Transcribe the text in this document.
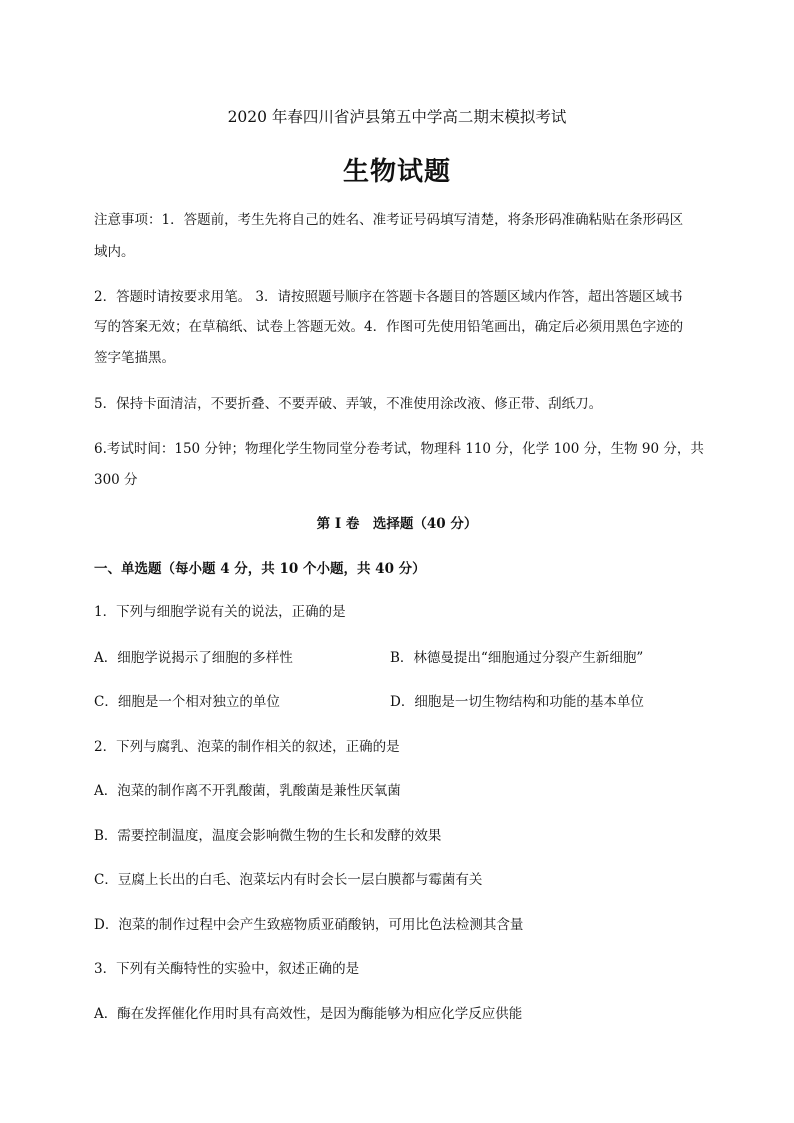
2020 年春四川省泸县第五中学高二期末模拟考试

生物试题

注意事项：1．答题前，考生先将自己的姓名、准考证号码填写清楚，将条形码准确粘贴在条形码区

域内。

2．答题时请按要求用笔。 3．请按照题号顺序在答题卡各题目的答题区域内作答，超出答题区域书

写的答案无效；在草稿纸、试卷上答题无效。4．作图可先使用铅笔画出，确定后必须用黑色字迹的

签字笔描黑。

5．保持卡面清洁，不要折叠、不要弄破、弄皱，不准使用涂改液、修正带、刮纸刀。

6.考试时间：150 分钟；物理化学生物同堂分卷考试，物理科 110 分，化学 100 分，生物 90 分，共

300 分

第 I 卷　选择题（40 分）

一、单选题（每小题 4 分，共 10 个小题，共 40 分）

1．下列与细胞学说有关的说法，正确的是

A．细胞学说揭示了细胞的多样性	B．林德曼提出“细胞通过分裂产生新细胞”

C．细胞是一个相对独立的单位	D．细胞是一切生物结构和功能的基本单位

2．下列与腐乳、泡菜的制作相关的叙述，正确的是

A．泡菜的制作离不开乳酸菌，乳酸菌是兼性厌氧菌

B．需要控制温度，温度会影响微生物的生长和发酵的效果

C．豆腐上长出的白毛、泡菜坛内有时会长一层白膜都与霉菌有关

D．泡菜的制作过程中会产生致癌物质亚硝酸钠，可用比色法检测其含量

3．下列有关酶特性的实验中，叙述正确的是

A．酶在发挥催化作用时具有高效性，是因为酶能够为相应化学反应供能
